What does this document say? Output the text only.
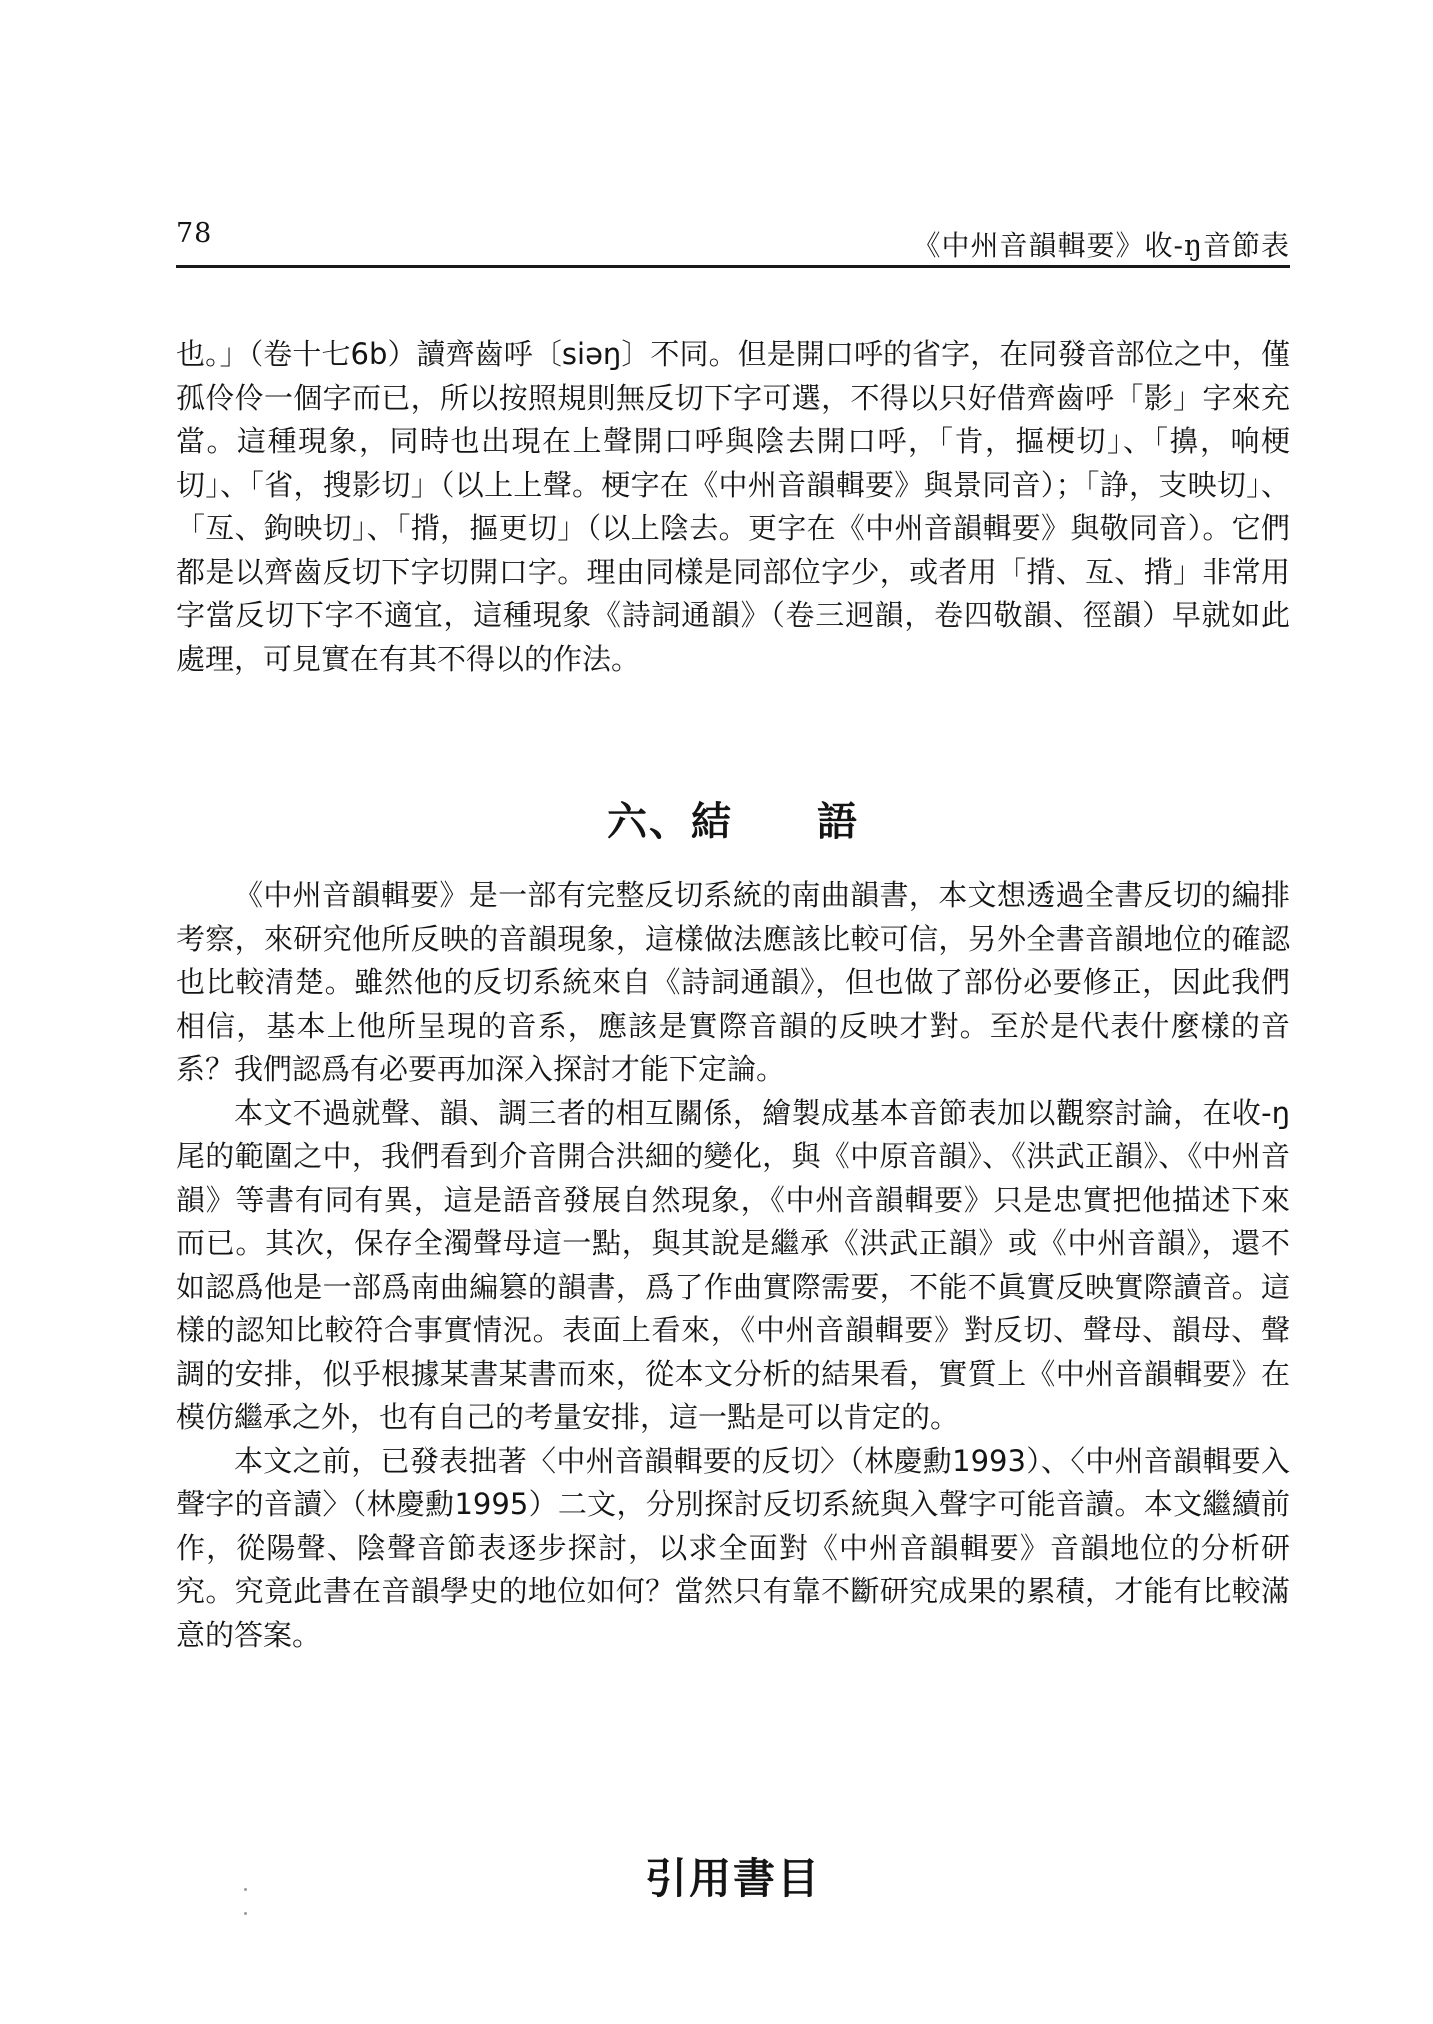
78	《中州音韻輯要》收-ŋ音節表

也。」（卷十七6b）讀齊齒呼〔siəŋ〕不同。但是開口呼的省字，在同發音部位之中，僅孤伶伶一個字而已，所以按照規則無反切下字可選，不得以只好借齊齒呼「影」字來充當。這種現象，同時也出現在上聲開口呼與陰去開口呼，「肯，摳梗切」、「擤，响梗切」、「省，搜影切」（以上上聲。梗字在《中州音韻輯要》與景同音）；「諍，支映切」、「亙、鉤映切」、「揹，摳更切」（以上陰去。更字在《中州音韻輯要》與敬同音）。它們都是以齊齒反切下字切開口字。理由同樣是同部位字少，或者用「揹、亙、揹」非常用字當反切下字不適宜，這種現象《詩詞通韻》（卷三迥韻，卷四敬韻、徑韻）早就如此處理，可見實在有其不得以的作法。

六、結　　語

《中州音韻輯要》是一部有完整反切系統的南曲韻書，本文想透過全書反切的編排考察，來研究他所反映的音韻現象，這樣做法應該比較可信，另外全書音韻地位的確認也比較清楚。雖然他的反切系統來自《詩詞通韻》，但也做了部份必要修正，因此我們相信，基本上他所呈現的音系，應該是實際音韻的反映才對。至於是代表什麼樣的音系？我們認爲有必要再加深入探討才能下定論。

本文不過就聲、韻、調三者的相互關係，繪製成基本音節表加以觀察討論，在收-ŋ尾的範圍之中，我們看到介音開合洪細的變化，與《中原音韻》、《洪武正韻》、《中州音韻》等書有同有異，這是語音發展自然現象，《中州音韻輯要》只是忠實把他描述下來而已。其次，保存全濁聲母這一點，與其說是繼承《洪武正韻》或《中州音韻》，還不如認爲他是一部爲南曲編篡的韻書，爲了作曲實際需要，不能不眞實反映實際讀音。這樣的認知比較符合事實情況。表面上看來，《中州音韻輯要》對反切、聲母、韻母、聲調的安排，似乎根據某書某書而來，從本文分析的結果看，實質上《中州音韻輯要》在模仿繼承之外，也有自己的考量安排，這一點是可以肯定的。

本文之前，已發表拙著〈中州音韻輯要的反切〉（林慶勳1993）、〈中州音韻輯要入聲字的音讀〉（林慶勳1995）二文，分別探討反切系統與入聲字可能音讀。本文繼續前作，從陽聲、陰聲音節表逐步探討，以求全面對《中州音韻輯要》音韻地位的分析研究。究竟此書在音韻學史的地位如何？當然只有靠不斷研究成果的累積，才能有比較滿意的答案。

引用書目
